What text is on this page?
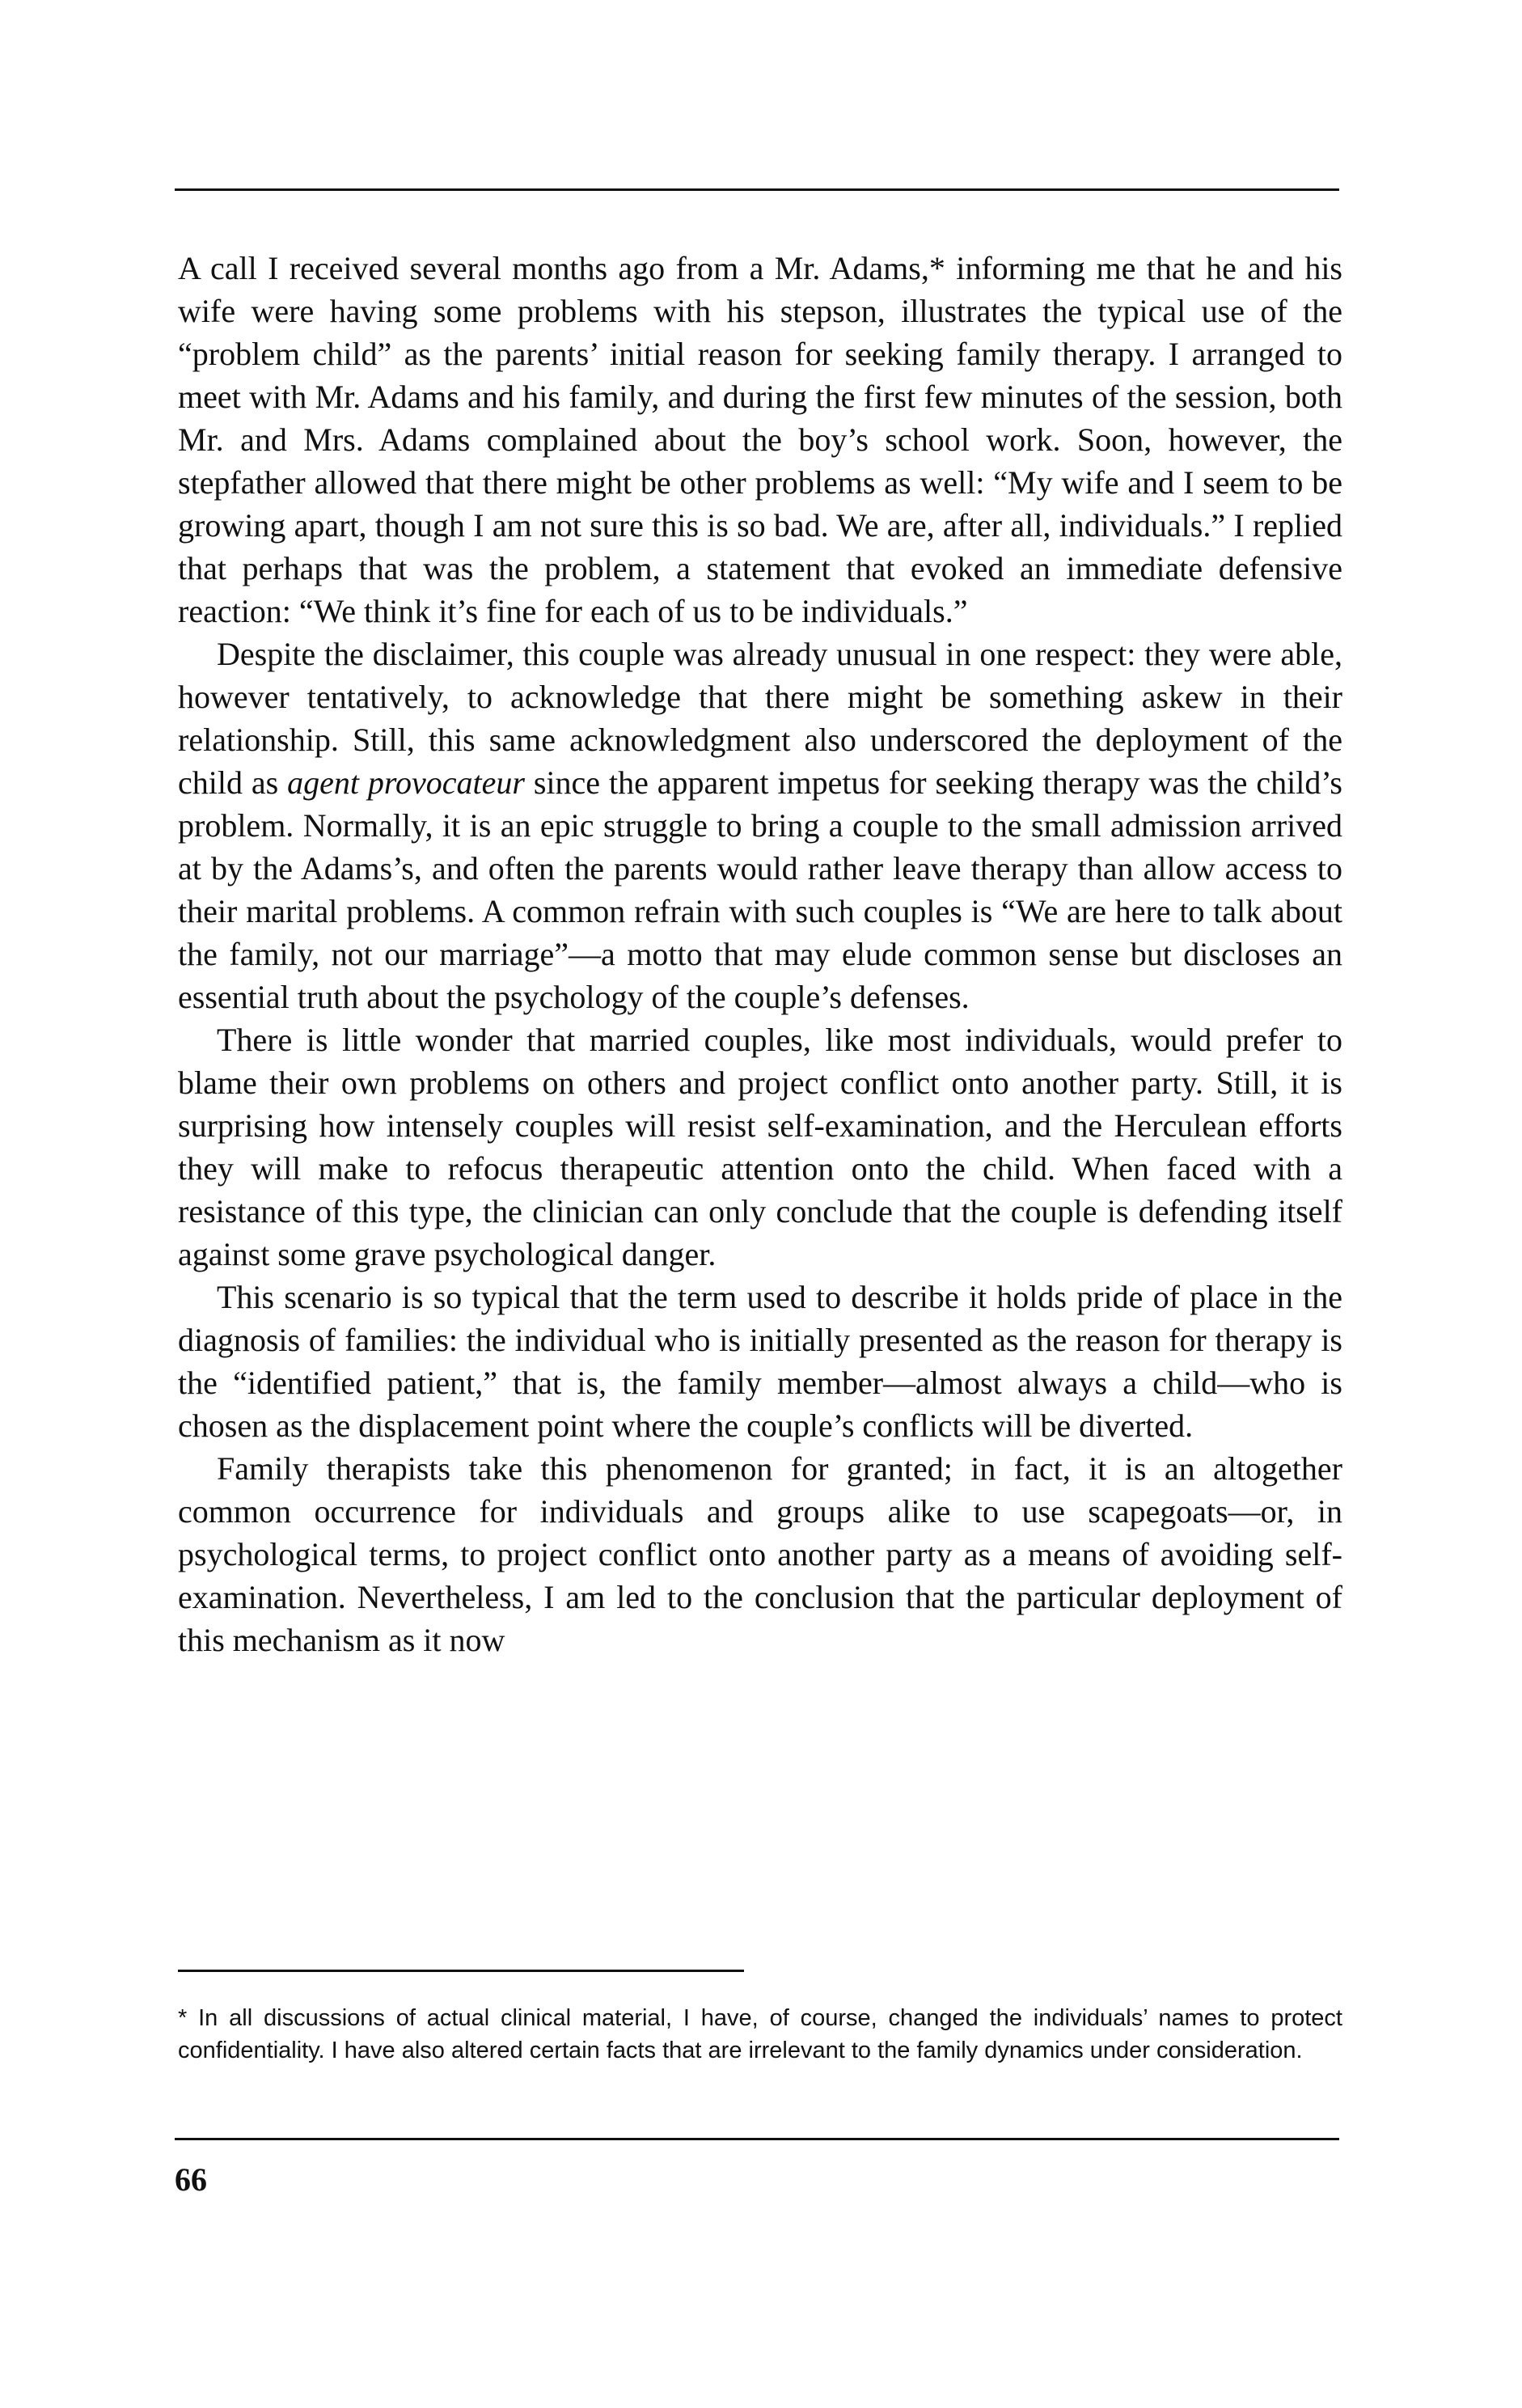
A call I received several months ago from a Mr. Adams,* informing me that he and his wife were having some problems with his stepson, illustrates the typical use of the “problem child” as the parents’ initial reason for seeking family therapy. I arranged to meet with Mr. Adams and his family, and during the first few minutes of the session, both Mr. and Mrs. Adams complained about the boy’s school work. Soon, however, the stepfather allowed that there might be other problems as well: “My wife and I seem to be growing apart, though I am not sure this is so bad. We are, after all, individuals.” I replied that perhaps that was the problem, a statement that evoked an immediate defensive reaction: “We think it’s fine for each of us to be individuals.”

Despite the disclaimer, this couple was already unusual in one respect: they were able, however tentatively, to acknowledge that there might be something askew in their relationship. Still, this same acknowledgment also underscored the deployment of the child as agent provocateur since the apparent impetus for seeking therapy was the child’s problem. Normally, it is an epic struggle to bring a couple to the small admission arrived at by the Adams’s, and often the parents would rather leave therapy than allow access to their marital problems. A common refrain with such couples is “We are here to talk about the family, not our marriage”—a motto that may elude common sense but discloses an essential truth about the psychology of the couple’s defenses.

There is little wonder that married couples, like most individuals, would prefer to blame their own problems on others and project conflict onto another party. Still, it is surprising how intensely couples will resist self-examination, and the Herculean efforts they will make to refocus therapeutic attention onto the child. When faced with a resistance of this type, the clinician can only conclude that the couple is defending itself against some grave psychological danger.

This scenario is so typical that the term used to describe it holds pride of place in the diagnosis of families: the individual who is initially presented as the reason for therapy is the “identified patient,” that is, the family member—almost always a child—who is chosen as the displacement point where the couple’s conflicts will be diverted.

Family therapists take this phenomenon for granted; in fact, it is an altogether common occurrence for individuals and groups alike to use scapegoats—or, in psychological terms, to project conflict onto another party as a means of avoiding self-examination. Nevertheless, I am led to the conclusion that the particular deployment of this mechanism as it now

* In all discussions of actual clinical material, I have, of course, changed the individuals’ names to protect confidentiality. I have also altered certain facts that are irrelevant to the family dynamics under consideration.

66
